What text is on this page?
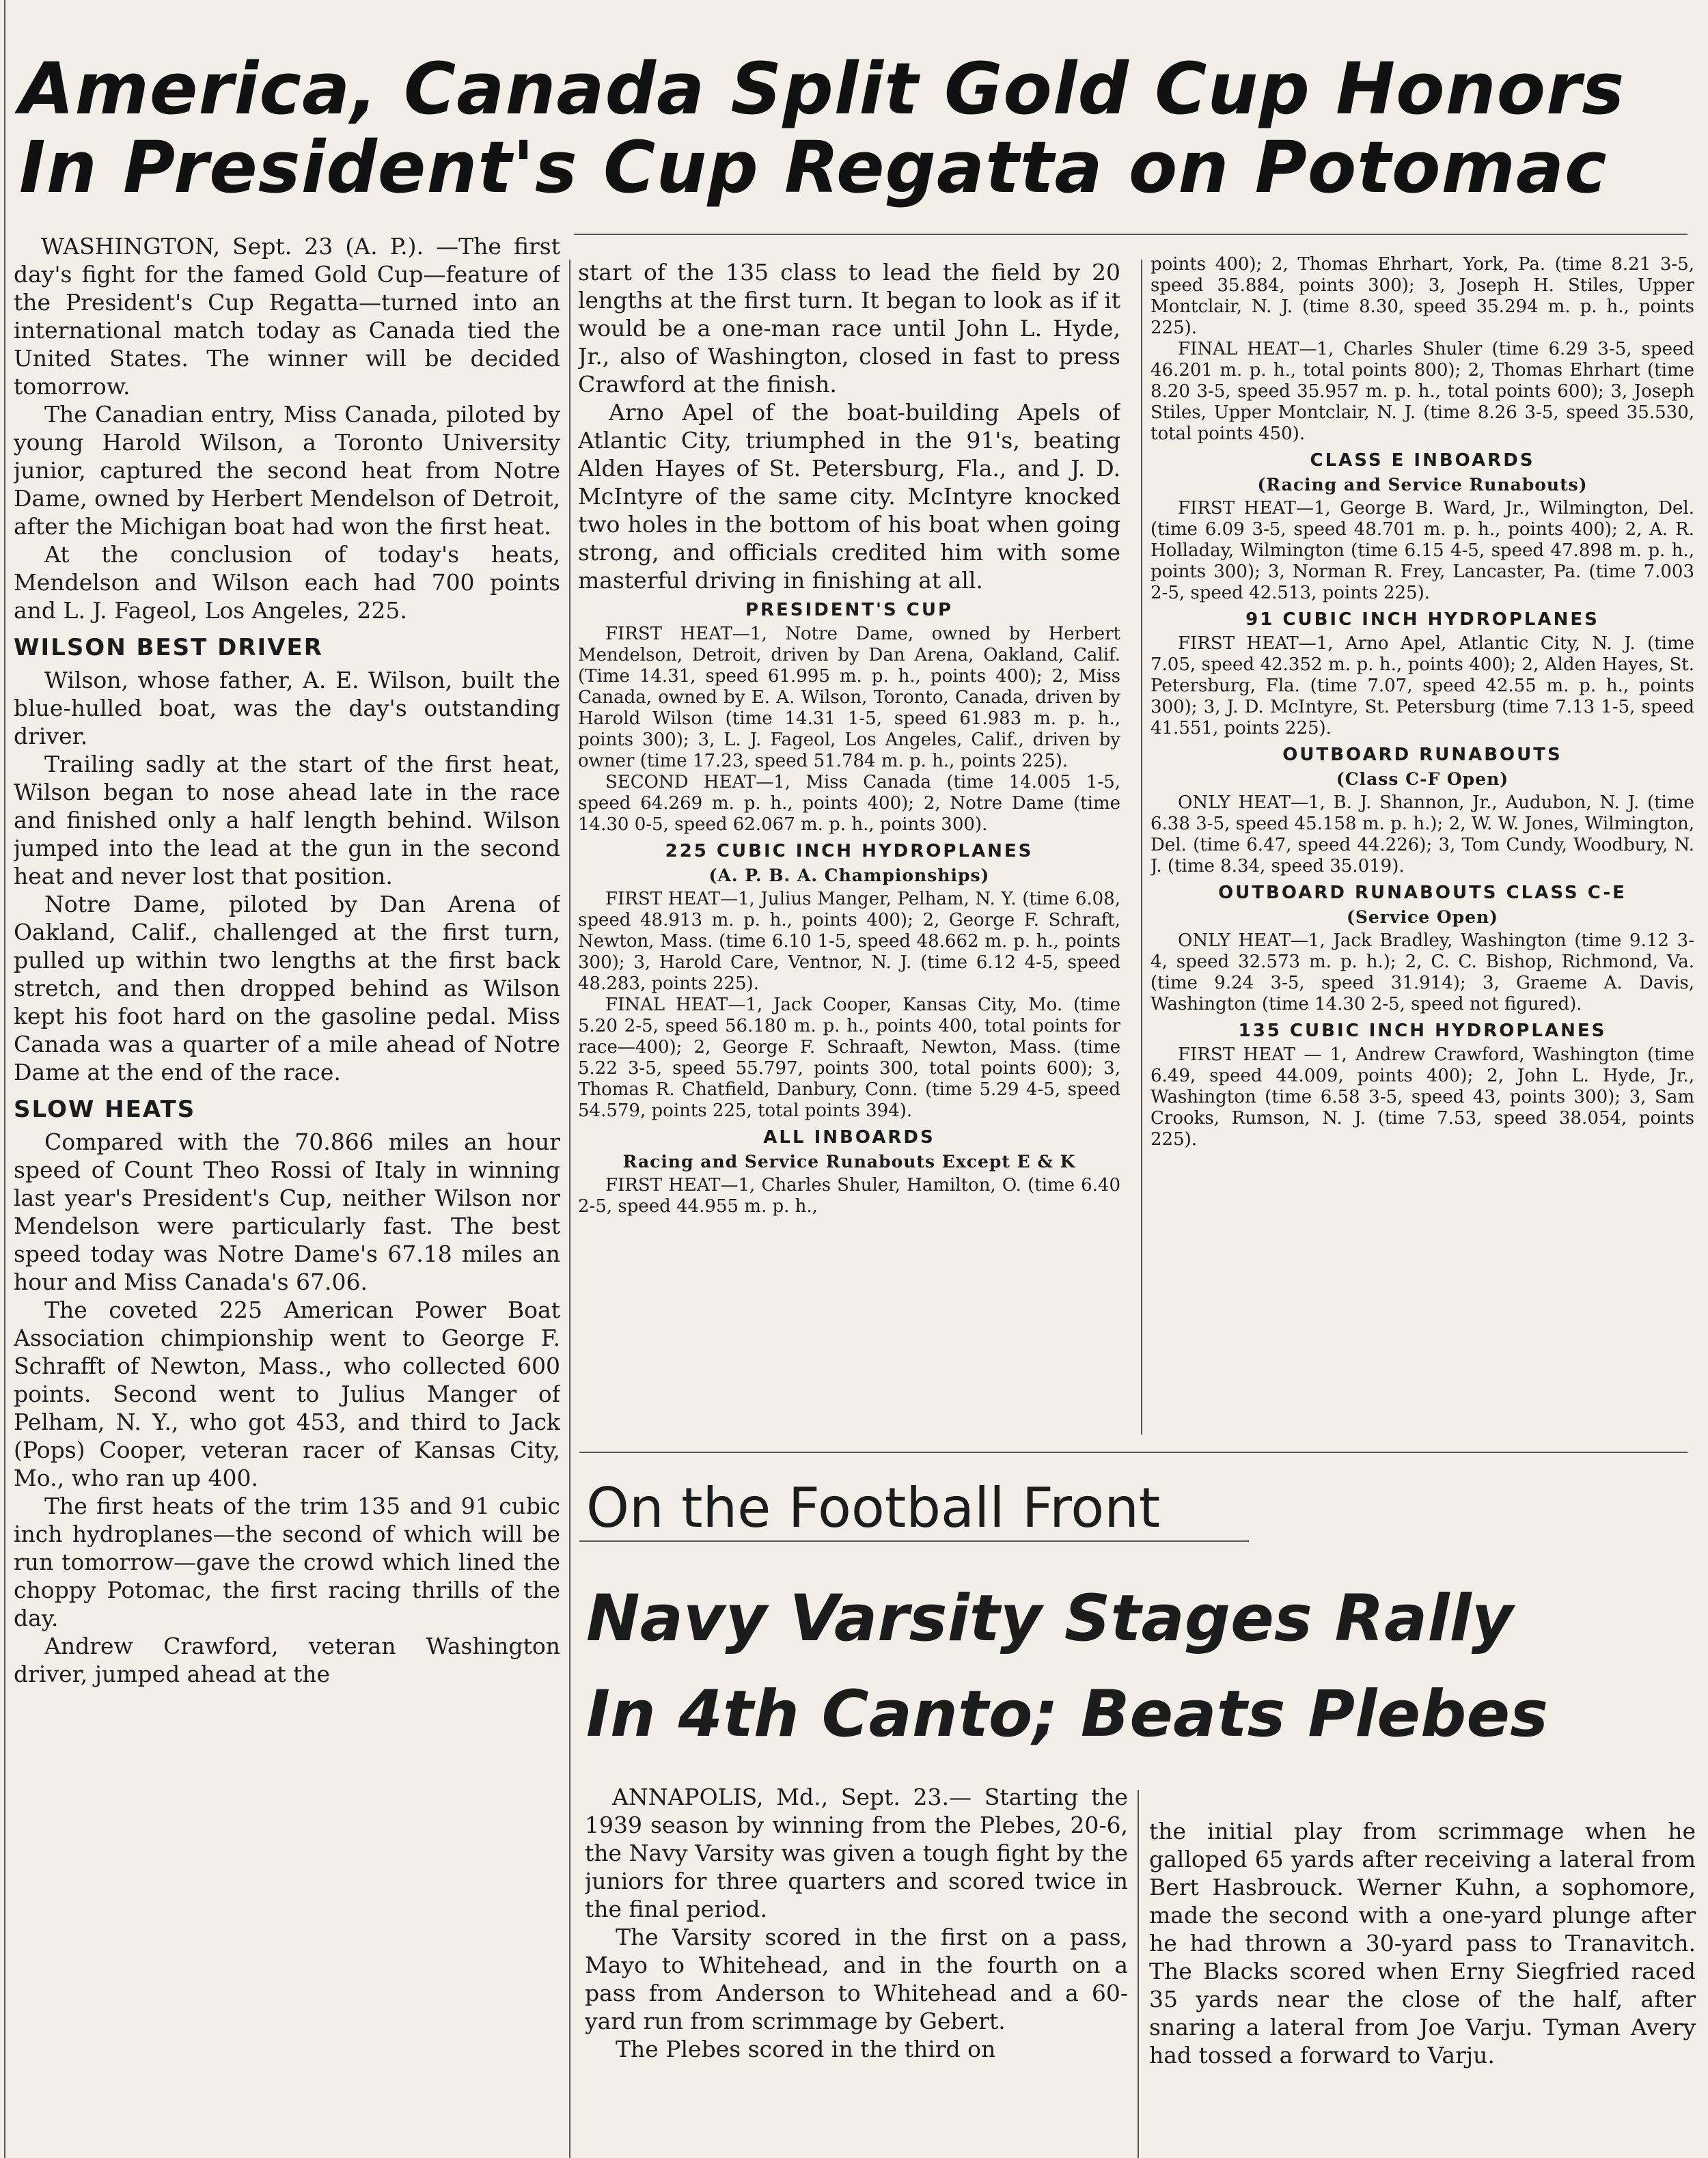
America, Canada Split Gold Cup Honors
In President's Cup Regatta on Potomac

WASHINGTON, Sept. 23 (A. P.). —The first day's fight for the famed Gold Cup—feature of the President's Cup Regatta—turned into an international match today as Canada tied the United States. The winner will be decided tomorrow.

The Canadian entry, Miss Canada, piloted by young Harold Wilson, a Toronto University junior, captured the second heat from Notre Dame, owned by Herbert Mendelson of Detroit, after the Michigan boat had won the first heat.

At the conclusion of today's heats, Mendelson and Wilson each had 700 points and L. J. Fageol, Los Angeles, 225.

WILSON BEST DRIVER

Wilson, whose father, A. E. Wilson, built the blue-hulled boat, was the day's outstanding driver.

Trailing sadly at the start of the first heat, Wilson began to nose ahead late in the race and finished only a half length behind. Wilson jumped into the lead at the gun in the second heat and never lost that position.

Notre Dame, piloted by Dan Arena of Oakland, Calif., challenged at the first turn, pulled up within two lengths at the first back stretch, and then dropped behind as Wilson kept his foot hard on the gasoline pedal. Miss Canada was a quarter of a mile ahead of Notre Dame at the end of the race.

SLOW HEATS

Compared with the 70.866 miles an hour speed of Count Theo Rossi of Italy in winning last year's President's Cup, neither Wilson nor Mendelson were particularly fast. The best speed today was Notre Dame's 67.18 miles an hour and Miss Canada's 67.06.

The coveted 225 American Power Boat Association chimpionship went to George F. Schrafft of Newton, Mass., who collected 600 points. Second went to Julius Manger of Pelham, N. Y., who got 453, and third to Jack (Pops) Cooper, veteran racer of Kansas City, Mo., who ran up 400.

The first heats of the trim 135 and 91 cubic inch hydroplanes—the second of which will be run tomorrow—gave the crowd which lined the choppy Potomac, the first racing thrills of the day.

Andrew Crawford, veteran Washington driver, jumped ahead at the

start of the 135 class to lead the field by 20 lengths at the first turn. It began to look as if it would be a one-man race until John L. Hyde, Jr., also of Washington, closed in fast to press Crawford at the finish.

Arno Apel of the boat-building Apels of Atlantic City, triumphed in the 91's, beating Alden Hayes of St. Petersburg, Fla., and J. D. McIntyre of the same city. McIntyre knocked two holes in the bottom of his boat when going strong, and officials credited him with some masterful driving in finishing at all.

PRESIDENT'S CUP

FIRST HEAT—1, Notre Dame, owned by Herbert Mendelson, Detroit, driven by Dan Arena, Oakland, Calif. (Time 14.31, speed 61.995 m. p. h., points 400); 2, Miss Canada, owned by E. A. Wilson, Toronto, Canada, driven by Harold Wilson (time 14.31 1-5, speed 61.983 m. p. h., points 300); 3, L. J. Fageol, Los Angeles, Calif., driven by owner (time 17.23, speed 51.784 m. p. h., points 225).

SECOND HEAT—1, Miss Canada (time 14.005 1-5, speed 64.269 m. p. h., points 400); 2, Notre Dame (time 14.30 0-5, speed 62.067 m. p. h., points 300).

225 CUBIC INCH HYDROPLANES
(A. P. B. A. Championships)

FIRST HEAT—1, Julius Manger, Pelham, N. Y. (time 6.08, speed 48.913 m. p. h., points 400); 2, George F. Schraft, Newton, Mass. (time 6.10 1-5, speed 48.662 m. p. h., points 300); 3, Harold Care, Ventnor, N. J. (time 6.12 4-5, speed 48.283, points 225).

FINAL HEAT—1, Jack Cooper, Kansas City, Mo. (time 5.20 2-5, speed 56.180 m. p. h., points 400, total points for race—400); 2, George F. Schraaft, Newton, Mass. (time 5.22 3-5, speed 55.797, points 300, total points 600); 3, Thomas R. Chatfield, Danbury, Conn. (time 5.29 4-5, speed 54.579, points 225, total points 394).

ALL INBOARDS
Racing and Service Runabouts Except E & K

FIRST HEAT—1, Charles Shuler, Hamilton, O. (time 6.40 2-5, speed 44.955 m. p. h.,

points 400); 2, Thomas Ehrhart, York, Pa. (time 8.21 3-5, speed 35.884, points 300); 3, Joseph H. Stiles, Upper Montclair, N. J. (time 8.30, speed 35.294 m. p. h., points 225).

FINAL HEAT—1, Charles Shuler (time 6.29 3-5, speed 46.201 m. p. h., total points 800); 2, Thomas Ehrhart (time 8.20 3-5, speed 35.957 m. p. h., total points 600); 3, Joseph Stiles, Upper Montclair, N. J. (time 8.26 3-5, speed 35.530, total points 450).

CLASS E INBOARDS
(Racing and Service Runabouts)

FIRST HEAT—1, George B. Ward, Jr., Wilmington, Del. (time 6.09 3-5, speed 48.701 m. p. h., points 400); 2, A. R. Holladay, Wilmington (time 6.15 4-5, speed 47.898 m. p. h., points 300); 3, Norman R. Frey, Lancaster, Pa. (time 7.003 2-5, speed 42.513, points 225).

91 CUBIC INCH HYDROPLANES

FIRST HEAT—1, Arno Apel, Atlantic City, N. J. (time 7.05, speed 42.352 m. p. h., points 400); 2, Alden Hayes, St. Petersburg, Fla. (time 7.07, speed 42.55 m. p. h., points 300); 3, J. D. McIntyre, St. Petersburg (time 7.13 1-5, speed 41.551, points 225).

OUTBOARD RUNABOUTS
(Class C-F Open)

ONLY HEAT—1, B. J. Shannon, Jr., Audubon, N. J. (time 6.38 3-5, speed 45.158 m. p. h.); 2, W. W. Jones, Wilmington, Del. (time 6.47, speed 44.226); 3, Tom Cundy, Woodbury, N. J. (time 8.34, speed 35.019).

OUTBOARD RUNABOUTS CLASS C-E
(Service Open)

ONLY HEAT—1, Jack Bradley, Washington (time 9.12 3-4, speed 32.573 m. p. h.); 2, C. C. Bishop, Richmond, Va. (time 9.24 3-5, speed 31.914); 3, Graeme A. Davis, Washington (time 14.30 2-5, speed not figured).

135 CUBIC INCH HYDROPLANES

FIRST HEAT — 1, Andrew Crawford, Washington (time 6.49, speed 44.009, points 400); 2, John L. Hyde, Jr., Washington (time 6.58 3-5, speed 43, points 300); 3, Sam Crooks, Rumson, N. J. (time 7.53, speed 38.054, points 225).

On the Football Front
Navy Varsity Stages Rally
In 4th Canto; Beats Plebes

ANNAPOLIS, Md., Sept. 23.— Starting the 1939 season by winning from the Plebes, 20-6, the Navy Varsity was given a tough fight by the juniors for three quarters and scored twice in the final period.

The Varsity scored in the first on a pass, Mayo to Whitehead, and in the fourth on a pass from Anderson to Whitehead and a 60-yard run from scrimmage by Gebert.

The Plebes scored in the third on

the initial play from scrimmage when he galloped 65 yards after receiving a lateral from Bert Hasbrouck. Werner Kuhn, a sophomore, made the second with a one-yard plunge after he had thrown a 30-yard pass to Tranavitch. The Blacks scored when Erny Siegfried raced 35 yards near the close of the half, after snaring a lateral from Joe Varju. Tyman Avery had tossed a forward to Varju.
